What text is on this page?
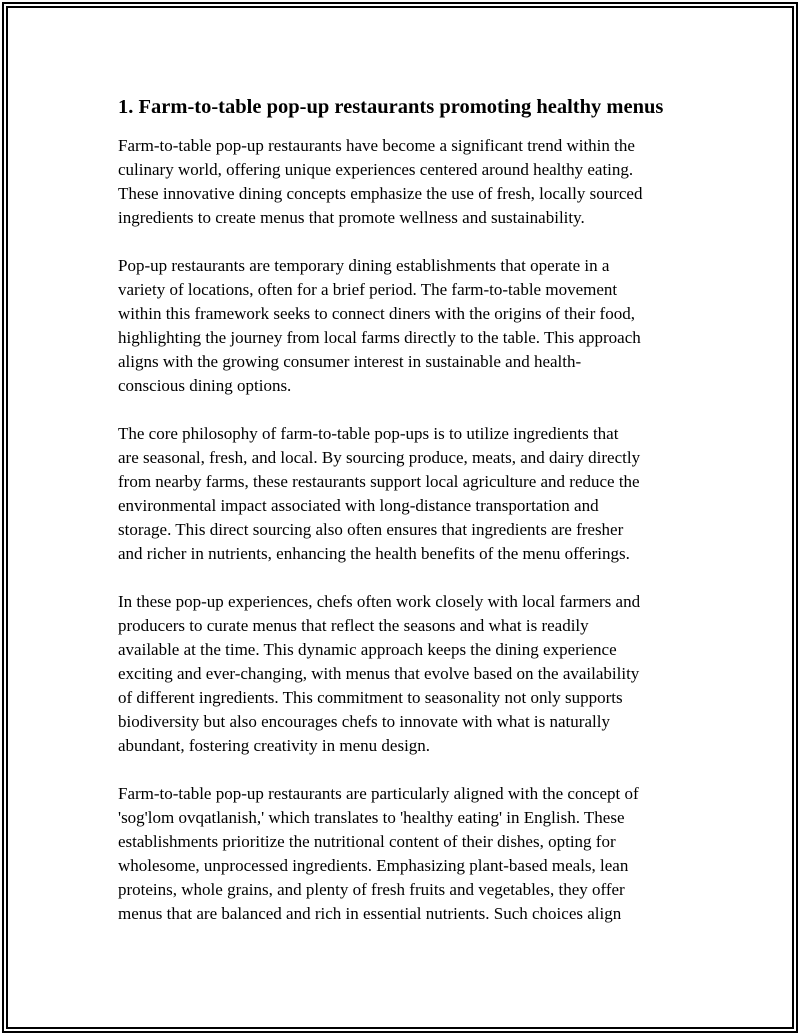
1. Farm-to-table pop-up restaurants promoting healthy menus

Farm-to-table pop-up restaurants have become a significant trend within the
culinary world, offering unique experiences centered around healthy eating.
These innovative dining concepts emphasize the use of fresh, locally sourced
ingredients to create menus that promote wellness and sustainability.

Pop-up restaurants are temporary dining establishments that operate in a
variety of locations, often for a brief period. The farm-to-table movement
within this framework seeks to connect diners with the origins of their food,
highlighting the journey from local farms directly to the table. This approach
aligns with the growing consumer interest in sustainable and health-
conscious dining options.

The core philosophy of farm-to-table pop-ups is to utilize ingredients that
are seasonal, fresh, and local. By sourcing produce, meats, and dairy directly
from nearby farms, these restaurants support local agriculture and reduce the
environmental impact associated with long-distance transportation and
storage. This direct sourcing also often ensures that ingredients are fresher
and richer in nutrients, enhancing the health benefits of the menu offerings.

In these pop-up experiences, chefs often work closely with local farmers and
producers to curate menus that reflect the seasons and what is readily
available at the time. This dynamic approach keeps the dining experience
exciting and ever-changing, with menus that evolve based on the availability
of different ingredients. This commitment to seasonality not only supports
biodiversity but also encourages chefs to innovate with what is naturally
abundant, fostering creativity in menu design.

Farm-to-table pop-up restaurants are particularly aligned with the concept of
'sog'lom ovqatlanish,' which translates to 'healthy eating' in English. These
establishments prioritize the nutritional content of their dishes, opting for
wholesome, unprocessed ingredients. Emphasizing plant-based meals, lean
proteins, whole grains, and plenty of fresh fruits and vegetables, they offer
menus that are balanced and rich in essential nutrients. Such choices align
